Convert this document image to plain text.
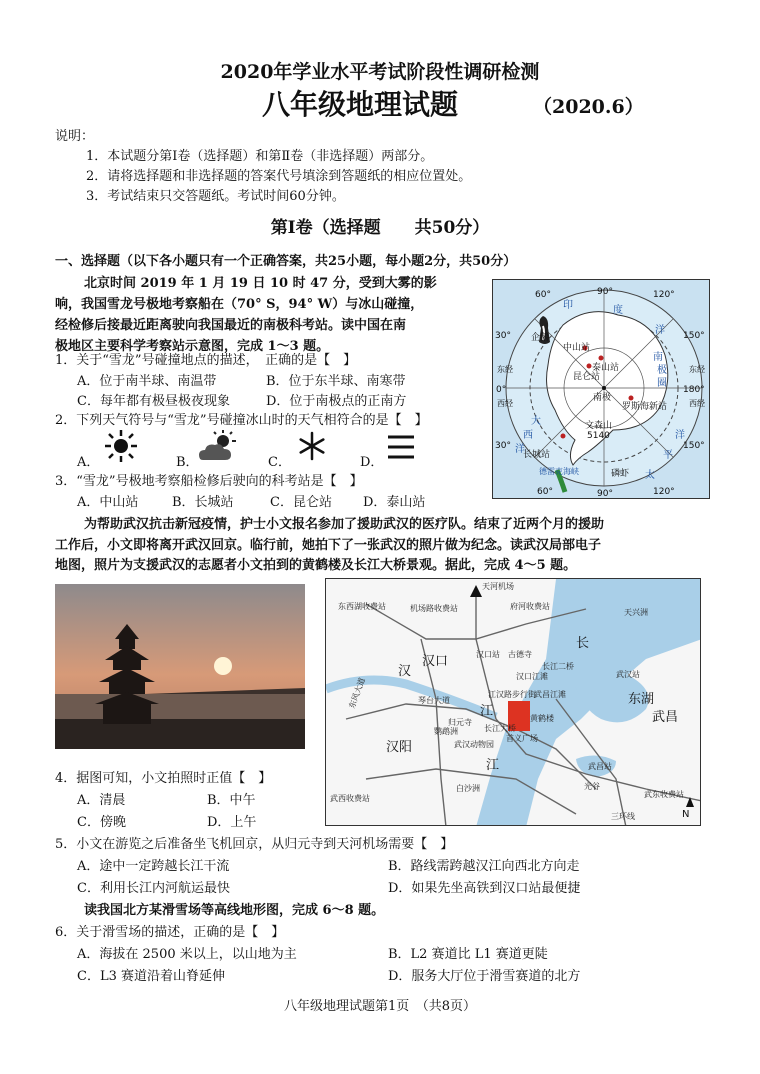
2020年学业水平考试阶段性调研检测
八年级地理试题	（2020.6）
说明：
1．本试题分第Ⅰ卷（选择题）和第Ⅱ卷（非选择题）两部分。
2．请将选择题和非选择题的答案代号填涂到答题纸的相应位置处。
3．考试结束只交答题纸。考试时间60分钟。
第Ⅰ卷（选择题　　共50分）
一、选择题（以下各小题只有一个正确答案，共25小题，每小题2分，共50分）
北京时间 2019 年 1 月 19 日 10 时 47 分，受到大雾的影
响，我国雪龙号极地考察船在（70° S，94° W）与冰山碰撞，
经检修后接最近距离驶向我国最近的南极科考站。读中国在南
极地区主要科学考察站示意图，完成 1～3 题。
1．关于“雪龙”号碰撞地点的描述，　正确的是【　】
A．位于南半球、南温带	B．位于东半球、南寒带
C．每年都有极昼极夜现象	D．位于南极点的正南方
2．下列天气符号与“雪龙”号碰撞冰山时的天气相符合的是【　】
A．	B．	C．	D．
3．“雪龙”号极地考察船检修后驶向的科考站是【　】
A．中山站	B．长城站	C．昆仑站 D．泰山站
60°	90°	120°
30°	150°
0°	180°
30°	150°
60°	90°	120°
中山站
泰山站
昆仑站
南极
罗斯海新站
长城站
磷虾
企鹅
文森山
5140
德雷克海峡
印	度
洋
南
极
圈
大
西
洋
太
平
洋
东经
西经
东经
西经
为帮助武汉抗击新冠疫情，护士小文报名参加了援助武汉的医疗队。结束了近两个月的援助
工作后，小文即将离开武汉回京。临行前，她拍下了一张武汉的照片做为纪念。读武汉局部电子
地图，照片为支援武汉的志愿者小文拍到的黄鹤楼及长江大桥景观。据此，完成 4～5 题。
天河机场
东西湖收费站	机场路收费站	府河收费站
天兴洲
汉口站 古德寺
长江二桥
汉口江滩
江汉路步行街
武昌江滩
琴台大道
归元寺	黄鹤楼
武汉站
鹦鹉洲	长江大桥
武汉动物园
首义广场
武昌站
光谷
白沙洲
三环线
武东收费站
武西收费站
东风大道
汉口
长
江
汉
东湖
武昌
汉阳
江
N
4．据图可知，小文拍照时正值【　】
A．清晨	B．中午
C．傍晚	D．上午
5．小文在游览之后准备坐飞机回京，从归元寺到天河机场需要【　】
A．途中一定跨越长江干流	B．路线需跨越汉江向西北方向走
C．利用长江内河航运最快	D．如果先坐高铁到汉口站最便捷
读我国北方某滑雪场等高线地形图，完成 6～8 题。
6．关于滑雪场的描述，正确的是【　】
A．海拔在 2500 米以上，以山地为主	B．L2 赛道比 L1 赛道更陡
C．L3 赛道沿着山脊延伸	D．服务大厅位于滑雪赛道的北方
八年级地理试题第1页　（共8页）
